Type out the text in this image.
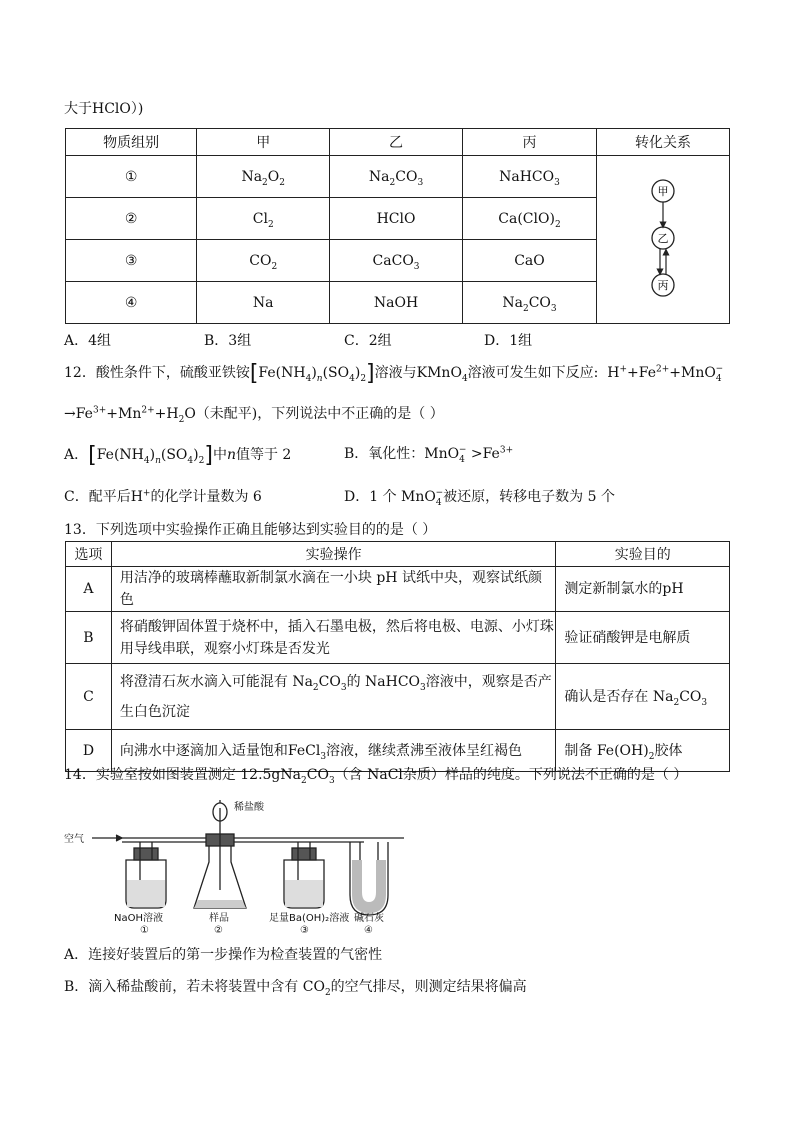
大于HClO）)
物质组别	甲	乙	丙	转化关系
①	$Na_2O_2$	$Na_2CO_3$	NaHCO$_3$	甲
乙
丙

②	$Cl_2$	HClO	$Ca(ClO)_2$
③	$CO_2$	CaCO$_3$	CaO	
④	Na	NaOH	$Na_2CO_3$
A．4组	B．3组	C．2组	D．1组
12．酸性条件下，硫酸亚铁铵$[Fe(NH_4)_n(SO_4)_2]$溶液与KMnO$_4$溶液可发生如下反应:  $H^++Fe^{2+}+MnO_4^-$
$\to Fe^{3+}+Mn^{2+}+H_2O$（未配平)，下列说法中不正确的是（ ）
A．$[Fe(NH_4)_n(SO_4)_2]$中n值等于 2	B．氧化性：$MnO_4^- >Fe^{3+}$
C．配平后H+的化学计量数为 6	D．1 个 MnO$_4$−被还原，转移电子数为 5 个
13．下列选项中实验操作正确且能够达到实验目的的是（ ）
选项	实验操作	实验目的
A	用洁净的玻璃棒蘸取新制氯水滴在一小块 pH 试纸中央，观察试纸颜色	测定新制氯水的pH
B	将硝酸钾固体置于烧杯中，插入石墨电极，然后将电极、电源、小灯珠用导线串联，观察小灯珠是否发光	验证硝酸钾是电解质
C	将澄清石灰水滴入可能混有 $Na_2CO_3$的 NaHCO$_3$溶液中，观察是否产生白色沉淀	确认是否存在 $Na_2CO_3$
D	向沸水中逐滴加入适量饱和FeCl$_3$溶液，继续煮沸至液体呈红褐色	制备 $Fe(OH)_2$胶体
14．实验室按如图装置测定 $12.5gNa_2CO_3$（含 NaCl杂质）样品的纯度。下列说法不正确的是（ ）
空气
稀盐酸
NaOH溶液
①
样品
②
足量Ba(OH)₂溶液
③
碱石灰
④
A．连接好装置后的第一步操作为检查装置的气密性
B．滴入稀盐酸前，若未将装置中含有 $CO_2$的空气排尽，则测定结果将偏高
